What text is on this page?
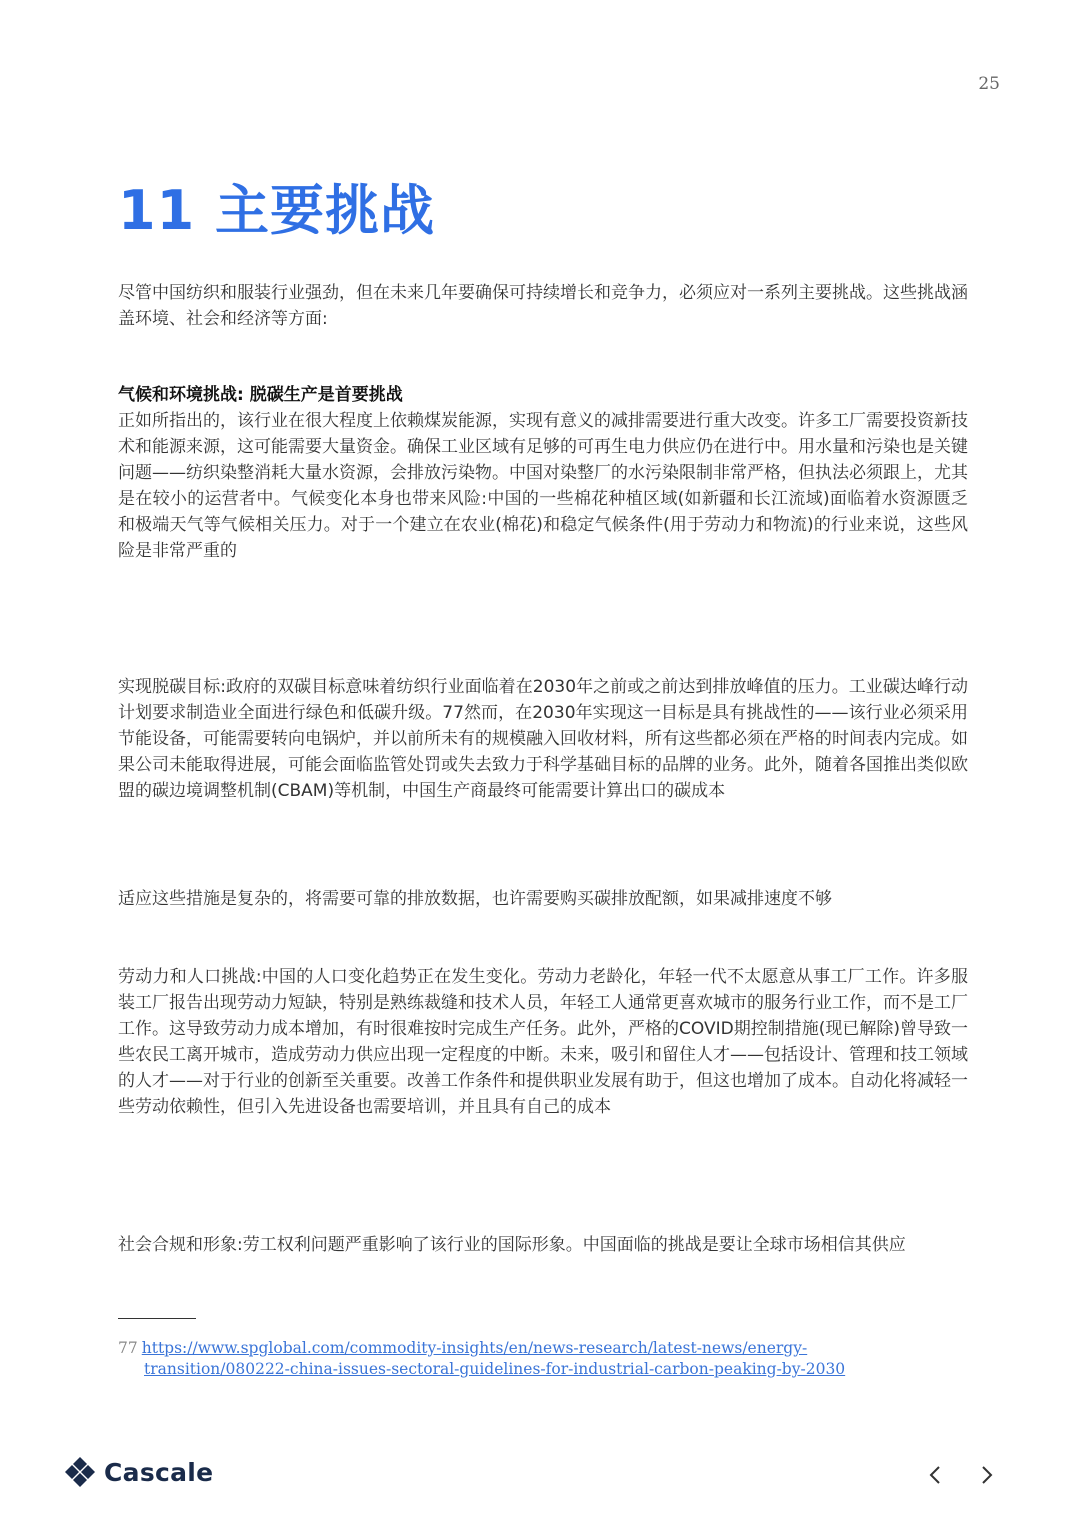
25
11 主要挑战

尽管中国纺织和服装行业强劲，但在未来几年要确保可持续增长和竞争力，必须应对一系列主要挑战。这些挑战涵盖环境、社会和经济等方面:

气候和环境挑战: 脱碳生产是首要挑战

正如所指出的，该行业在很大程度上依赖煤炭能源，实现有意义的减排需要进行重大改变。许多工厂需要投资新技术和能源来源，这可能需要大量资金。确保工业区域有足够的可再生电力供应仍在进行中。用水量和污染也是关键问题——纺织染整消耗大量水资源，会排放污染物。中国对染整厂的水污染限制非常严格，但执法必须跟上，尤其是在较小的运营者中。气候变化本身也带来风险:中国的一些棉花种植区域(如新疆和长江流域)面临着水资源匮乏和极端天气等气候相关压力。对于一个建立在农业(棉花)和稳定气候条件(用于劳动力和物流)的行业来说，这些风险是非常严重的

实现脱碳目标:政府的双碳目标意味着纺织行业面临着在2030年之前或之前达到排放峰值的压力。工业碳达峰行动计划要求制造业全面进行绿色和低碳升级。77然而，在2030年实现这一目标是具有挑战性的——该行业必须采用节能设备，可能需要转向电锅炉，并以前所未有的规模融入回收材料，所有这些都必须在严格的时间表内完成。如果公司未能取得进展，可能会面临监管处罚或失去致力于科学基础目标的品牌的业务。此外，随着各国推出类似欧盟的碳边境调整机制(CBAM)等机制，中国生产商最终可能需要计算出口的碳成本

适应这些措施是复杂的，将需要可靠的排放数据，也许需要购买碳排放配额，如果减排速度不够

劳动力和人口挑战:中国的人口变化趋势正在发生变化。劳动力老龄化，年轻一代不太愿意从事工厂工作。许多服装工厂报告出现劳动力短缺，特别是熟练裁缝和技术人员，年轻工人通常更喜欢城市的服务行业工作，而不是工厂工作。这导致劳动力成本增加，有时很难按时完成生产任务。此外，严格的COVID期控制措施(现已解除)曾导致一些农民工离开城市，造成劳动力供应出现一定程度的中断。未来，吸引和留住人才——包括设计、管理和技工领域的人才——对于行业的创新至关重要。改善工作条件和提供职业发展有助于，但这也增加了成本。自动化将减轻一些劳动依赖性，但引入先进设备也需要培训，并且具有自己的成本

社会合规和形象:劳工权利问题严重影响了该行业的国际形象。中国面临的挑战是要让全球市场相信其供应

77 https://www.spglobal.com/commodity-insights/en/news-research/latest-news/energy-
transition/080222-china-issues-sectoral-guidelines-for-industrial-carbon-peaking-by-2030
Cascale
